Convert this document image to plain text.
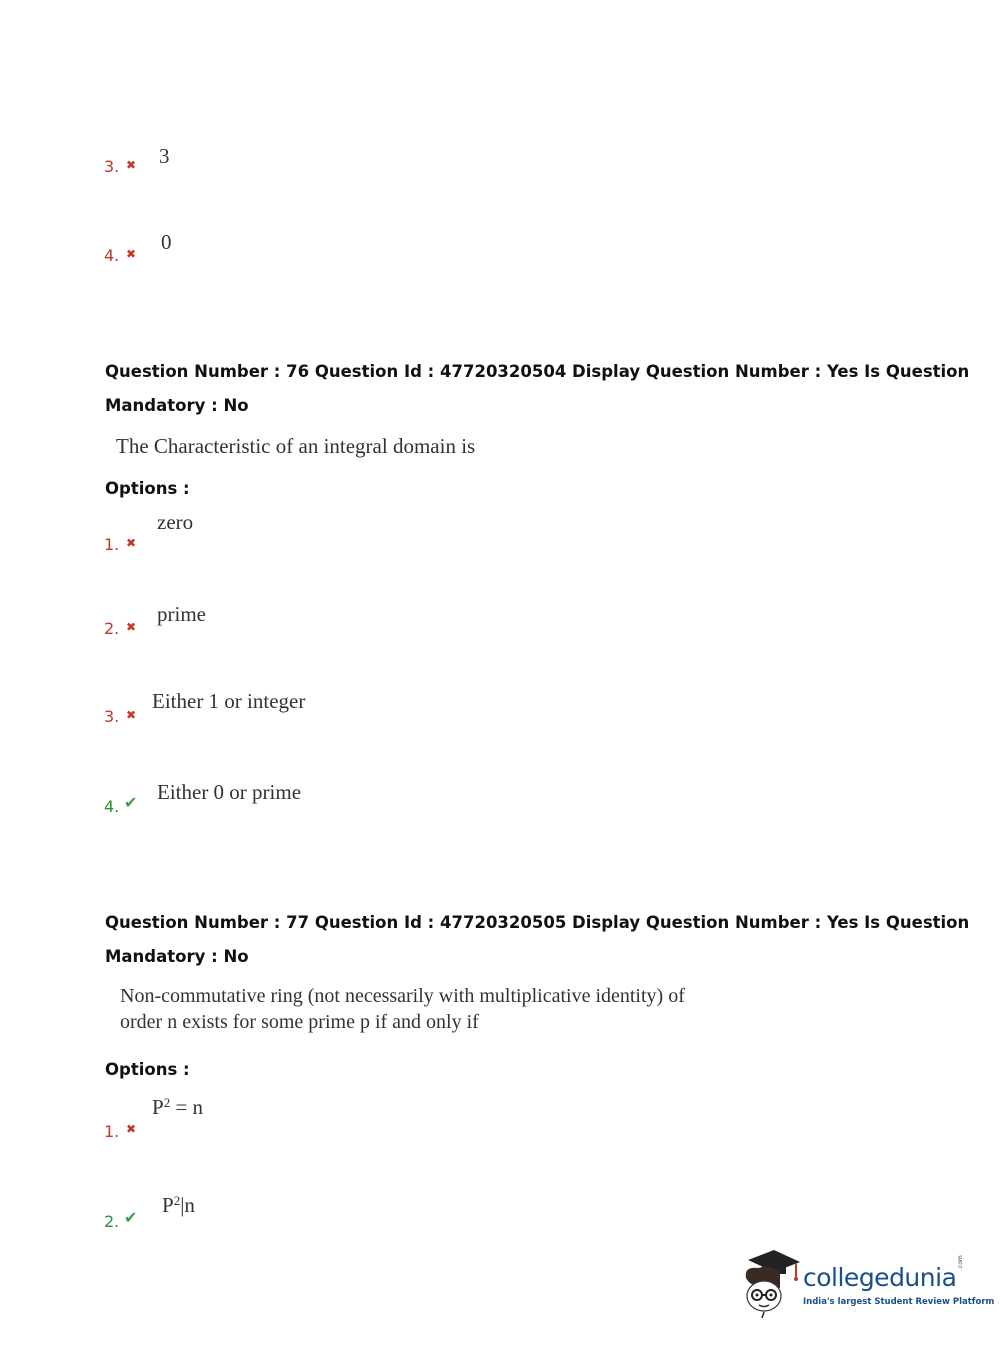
3. ✖ 3
4. ✖ 0
Question Number : 76 Question Id : 47720320504 Display Question Number : Yes Is Question
Mandatory : No
The Characteristic of an integral domain is
Options :
1. ✖
zero
2. ✖
prime
3. ✖
Either 1 or integer
4. ✔ Either 0 or prime
Question Number : 77 Question Id : 47720320505 Display Question Number : Yes Is Question
Mandatory : No
Non-commutative ring (not necessarily with multiplicative identity) of
order n exists for some prime p if and only if
Options :
1. ✖
$P^2 = n$
2. ✔
$P^2|n$
collegedunia
.com
India's largest Student Review Platform
